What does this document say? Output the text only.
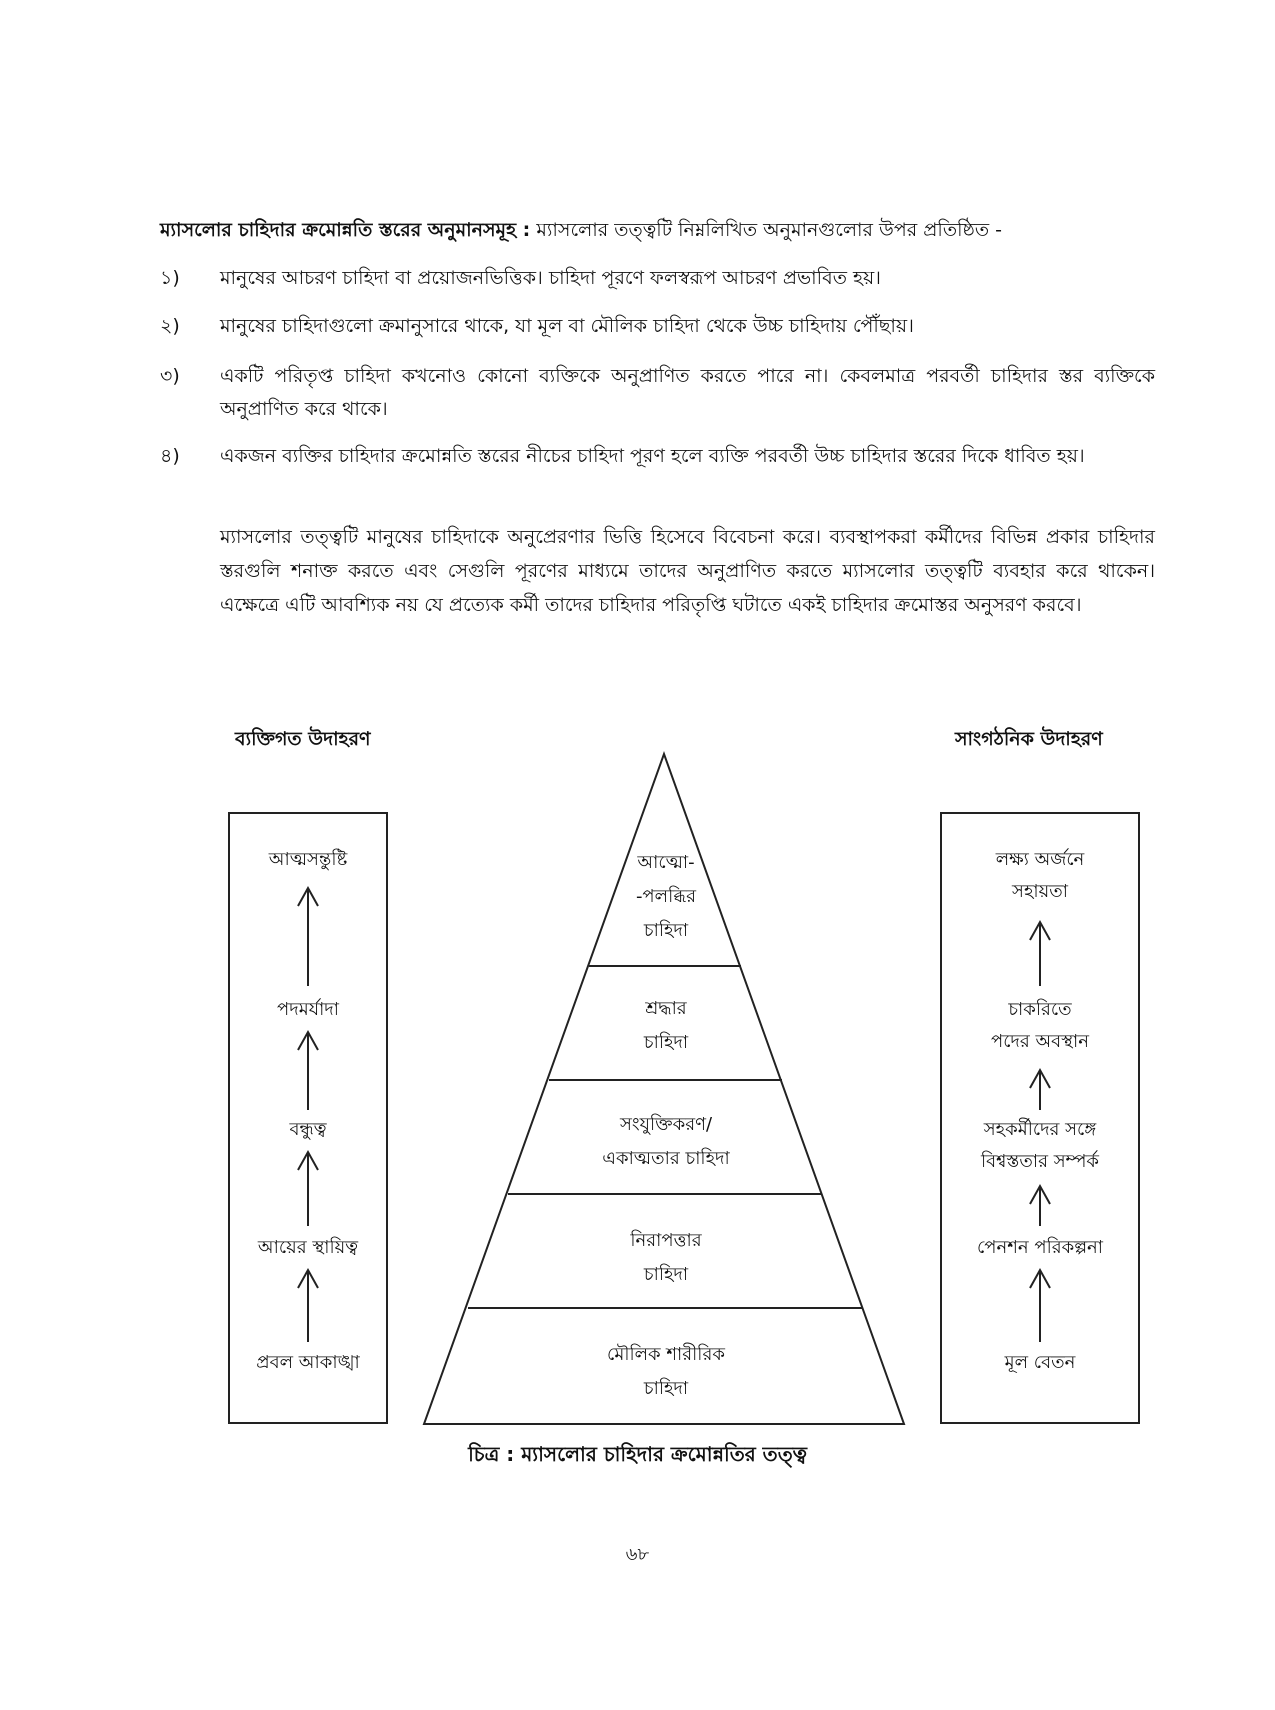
ম্যাসলোর চাহিদার ক্রমোন্নতি স্তরের অনুমানসমূহ : ম্যাসলোর তত্ত্বটি নিম্নলিখিত অনুমানগুলোর উপর প্রতিষ্ঠিত -
১)	মানুষের আচরণ চাহিদা বা প্রয়োজনভিত্তিক। চাহিদা পূরণে ফলস্বরূপ আচরণ প্রভাবিত হয়।
২)	মানুষের চাহিদাগুলো ক্রমানুসারে থাকে, যা মূল বা মৌলিক চাহিদা থেকে উচ্চ চাহিদায় পৌঁছায়।
৩)	একটি পরিতৃপ্ত চাহিদা কখনোও কোনো ব্যক্তিকে অনুপ্রাণিত করতে পারে না। কেবলমাত্র পরবর্তী চাহিদার স্তর ব্যক্তিকে অনুপ্রাণিত করে থাকে।
৪)	একজন ব্যক্তির চাহিদার ক্রমোন্নতি স্তরের নীচের চাহিদা পূরণ হলে ব্যক্তি পরবর্তী উচ্চ চাহিদার স্তরের দিকে ধাবিত হয়।
ম্যাসলোর তত্ত্বটি মানুষের চাহিদাকে অনুপ্রেরণার ভিত্তি হিসেবে বিবেচনা করে। ব্যবস্থাপকরা কর্মীদের বিভিন্ন প্রকার চাহিদার স্তরগুলি শনাক্ত করতে এবং সেগুলি পূরণের মাধ্যমে তাদের অনুপ্রাণিত করতে ম্যাসলোর তত্ত্বটি ব্যবহার করে থাকেন। এক্ষেত্রে এটি আবশ্যিক নয় যে প্রত্যেক কর্মী তাদের চাহিদার পরিতৃপ্তি ঘটাতে একই চাহিদার ক্রমোস্তর অনুসরণ করবে।
ব্যক্তিগত উদাহরণ	সাংগঠনিক উদাহরণ
আত্মসন্তুষ্টি
পদমর্যাদা
বন্ধুত্ব
আয়ের স্থায়িত্ব
প্রবল আকাঙ্খা
আত্মো-
-পলব্ধির
চাহিদা
শ্রদ্ধার
চাহিদা
সংযুক্তিকরণ/
একাত্মতার চাহিদা
নিরাপত্তার
চাহিদা
মৌলিক শারীরিক
চাহিদা
লক্ষ্য অর্জনে
সহায়তা
চাকরিতে
পদের অবস্থান
সহকর্মীদের সঙ্গে
বিশ্বস্ততার সম্পর্ক
পেনশন পরিকল্পনা
মূল বেতন
চিত্র : ম্যাসলোর চাহিদার ক্রমোন্নতির তত্ত্ব
৬৮
